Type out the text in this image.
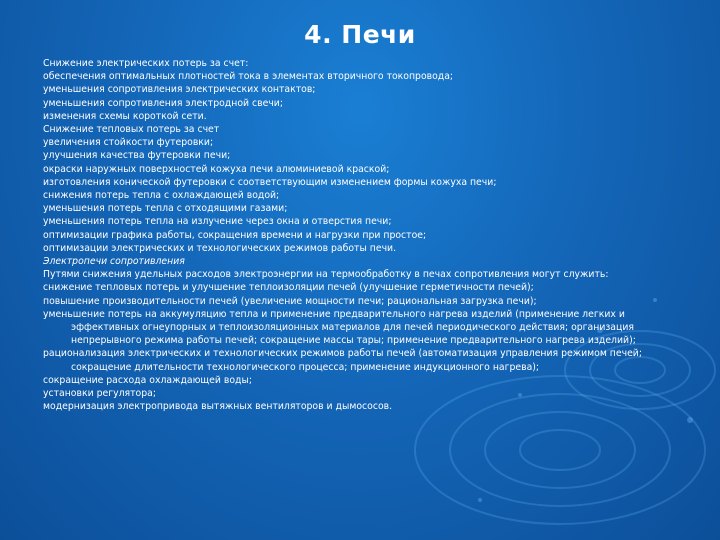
4. Печи
Снижение электрических потерь за счет:
обеспечения оптимальных плотностей тока в элементах вторичного токопровода;
уменьшения сопротивления электрических контактов;
уменьшения сопротивления электродной свечи;
изменения схемы короткой сети.
Снижение тепловых потерь за счет
увеличения стойкости футеровки;
улучшения качества футеровки печи;
окраски наружных поверхностей кожуха печи алюминиевой краской;
изготовления конической футеровки с соответствующим изменением формы кожуха печи;
снижения потерь тепла с охлаждающей водой;
уменьшения потерь тепла с отходящими газами;
уменьшения потерь тепла на излучение через окна и отверстия печи;
оптимизации графика работы, сокращения времени и нагрузки при простое;
оптимизации электрических и технологических режимов работы печи.
Электропечи сопротивления
Путями снижения удельных расходов электроэнергии на термообработку в печах сопротивления могут служить:
снижение тепловых потерь и улучшение теплоизоляции печей (улучшение герметичности печей);
повышение производительности печей (увеличение мощности печи; рациональная загрузка печи);
уменьшение потерь на аккумуляцию тепла и применение предварительного нагрева изделий (применение легких и эффективных огнеупорных и теплоизоляционных материалов для печей периодического действия; организация непрерывного режима работы печей; сокращение массы тары; применение предварительного нагрева изделий);
рационализация электрических и технологических режимов работы печей (автоматизация управления режимом печей; сокращение длительности технологического процесса; применение индукционного нагрева);
сокращение расхода охлаждающей воды;
установки регулятора;
модернизация электропривода вытяжных вентиляторов и дымососов.
